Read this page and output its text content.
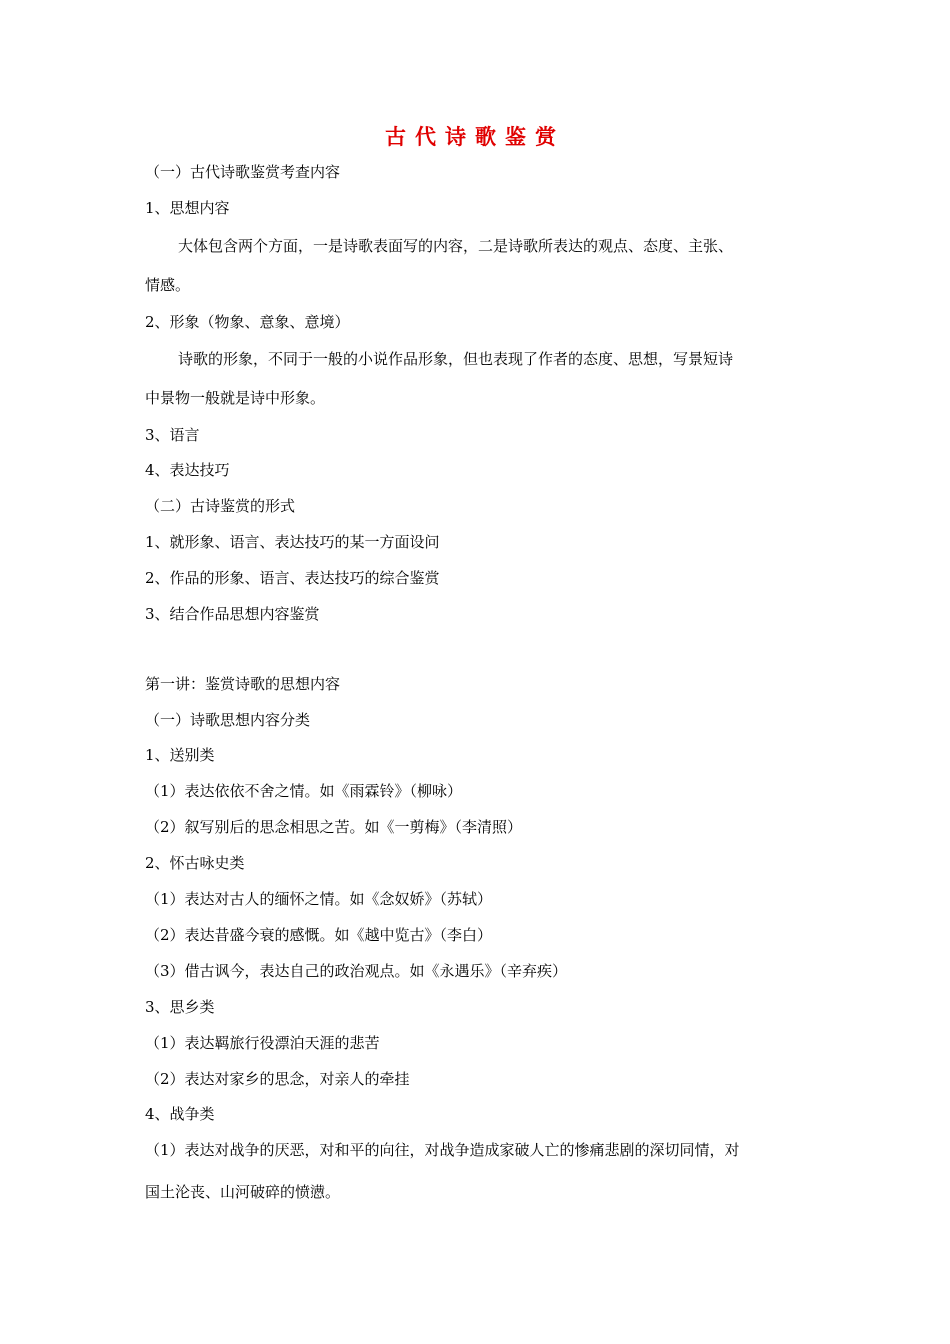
古代诗歌鉴赏
（一）古代诗歌鉴赏考查内容
1、思想内容
大体包含两个方面，一是诗歌表面写的内容，二是诗歌所表达的观点、态度、主张、
情感。
2、形象（物象、意象、意境）
诗歌的形象，不同于一般的小说作品形象，但也表现了作者的态度、思想，写景短诗
中景物一般就是诗中形象。
3、语言
4、表达技巧
（二）古诗鉴赏的形式
1、就形象、语言、表达技巧的某一方面设问
2、作品的形象、语言、表达技巧的综合鉴赏
3、结合作品思想内容鉴赏
第一讲：鉴赏诗歌的思想内容
（一）诗歌思想内容分类
1、送别类
（1）表达依依不舍之情。如《雨霖铃》（柳咏）
（2）叙写别后的思念相思之苦。如《一剪梅》（李清照）
2、怀古咏史类
（1）表达对古人的缅怀之情。如《念奴娇》（苏轼）
（2）表达昔盛今衰的感慨。如《越中览古》（李白）
（3）借古讽今，表达自己的政治观点。如《永遇乐》（辛弃疾）
3、思乡类
（1）表达羁旅行役漂泊天涯的悲苦
（2）表达对家乡的思念，对亲人的牵挂
4、战争类
（1）表达对战争的厌恶，对和平的向往，对战争造成家破人亡的惨痛悲剧的深切同情，对
国土沦丧、山河破碎的愤懑。
